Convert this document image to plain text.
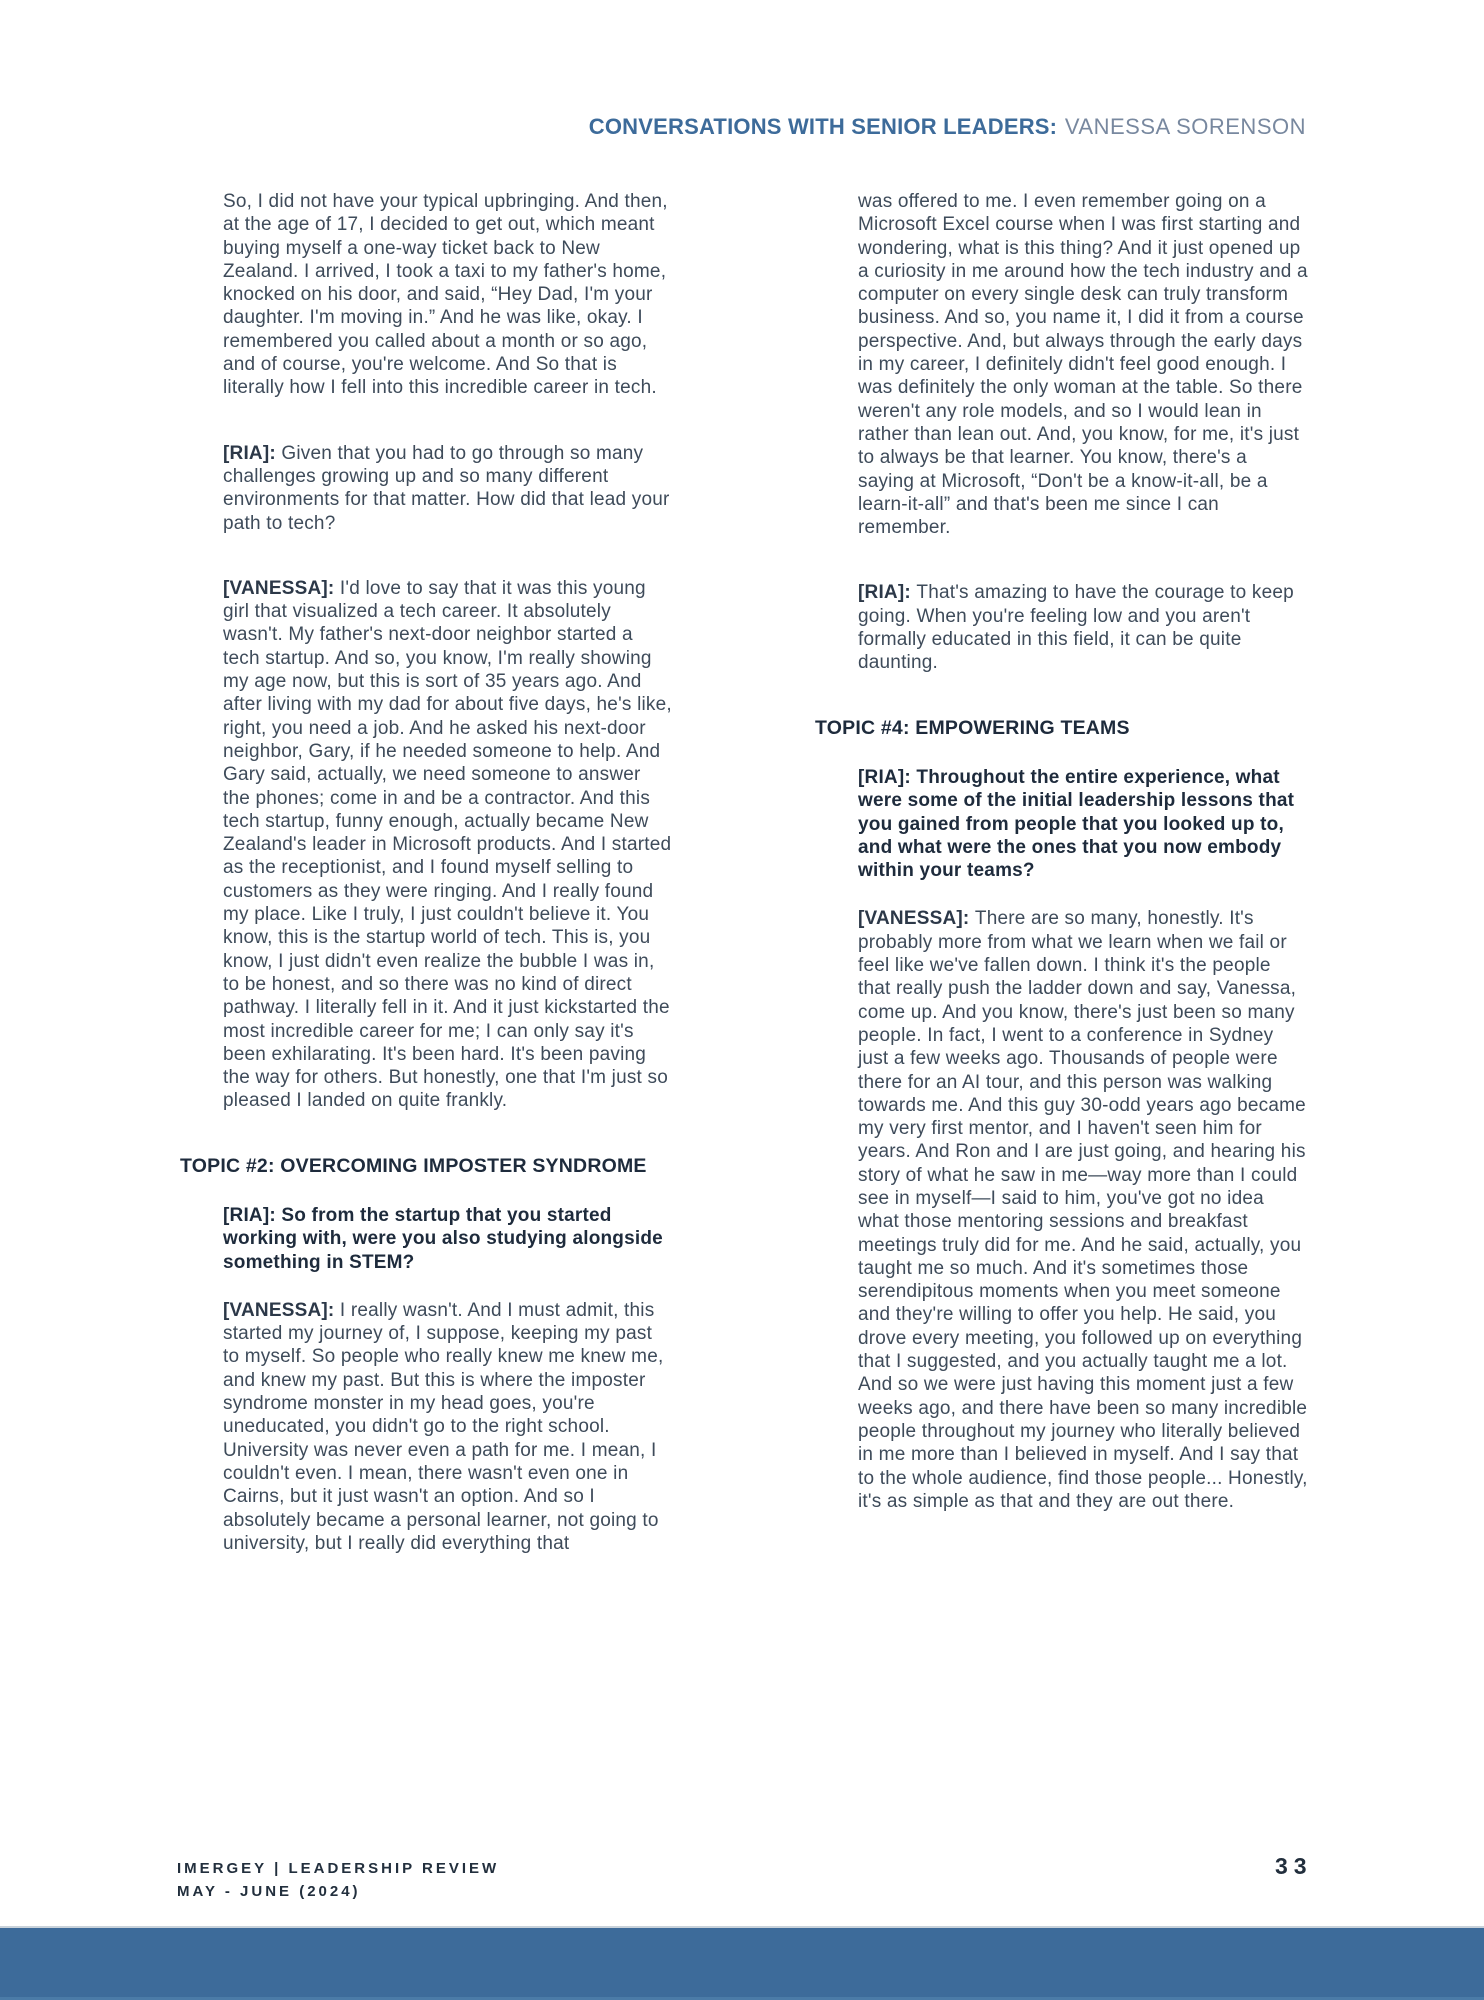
CONVERSATIONS WITH SENIOR LEADERS: VANESSA SORENSON

So, I did not have your typical upbringing. And then, at the age of 17, I decided to get out, which meant buying myself a one-way ticket back to New Zealand. I arrived, I took a taxi to my father's home, knocked on his door, and said, “Hey Dad, I'm your daughter. I'm moving in.” And he was like, okay. I remembered you called about a month or so ago, and of course, you're welcome. And So that is literally how I fell into this incredible career in tech.

[RIA]: Given that you had to go through so many challenges growing up and so many different environments for that matter. How did that lead your path to tech?

[VANESSA]: I'd love to say that it was this young girl that visualized a tech career. It absolutely wasn't. My father's next-door neighbor started a tech startup. And so, you know, I'm really showing my age now, but this is sort of 35 years ago. And after living with my dad for about five days, he's like, right, you need a job. And he asked his next-door neighbor, Gary, if he needed someone to help. And Gary said, actually, we need someone to answer the phones; come in and be a contractor. And this tech startup, funny enough, actually became New Zealand's leader in Microsoft products. And I started as the receptionist, and I found myself selling to customers as they were ringing. And I really found my place. Like I truly, I just couldn't believe it. You know, this is the startup world of tech. This is, you know, I just didn't even realize the bubble I was in, to be honest, and so there was no kind of direct pathway. I literally fell in it. And it just kickstarted the most incredible career for me; I can only say it's been exhilarating. It's been hard. It's been paving the way for others. But honestly, one that I'm just so pleased I landed on quite frankly.

TOPIC #2: OVERCOMING IMPOSTER SYNDROME

[RIA]: So from the startup that you started working with, were you also studying alongside something in STEM?

[VANESSA]: I really wasn't. And I must admit, this started my journey of, I suppose, keeping my past to myself. So people who really knew me knew me, and knew my past. But this is where the imposter syndrome monster in my head goes, you're uneducated, you didn't go to the right school. University was never even a path for me. I mean, I couldn't even. I mean, there wasn't even one in Cairns, but it just wasn't an option. And so I absolutely became a personal learner, not going to university, but I really did everything that

was offered to me. I even remember going on a Microsoft Excel course when I was first starting and wondering, what is this thing? And it just opened up a curiosity in me around how the tech industry and a computer on every single desk can truly transform business. And so, you name it, I did it from a course perspective. And, but always through the early days in my career, I definitely didn't feel good enough. I was definitely the only woman at the table. So there weren't any role models, and so I would lean in rather than lean out. And, you know, for me, it's just to always be that learner. You know, there's a saying at Microsoft, “Don't be a know-it-all, be a learn-it-all” and that's been me since I can remember.

[RIA]: That's amazing to have the courage to keep going. When you're feeling low and you aren't formally educated in this field, it can be quite daunting.

TOPIC #4: EMPOWERING TEAMS

[RIA]: Throughout the entire experience, what were some of the initial leadership lessons that you gained from people that you looked up to, and what were the ones that you now embody within your teams?

[VANESSA]: There are so many, honestly. It's probably more from what we learn when we fail or feel like we've fallen down. I think it's the people that really push the ladder down and say, Vanessa, come up. And you know, there's just been so many people. In fact, I went to a conference in Sydney just a few weeks ago. Thousands of people were there for an AI tour, and this person was walking towards me. And this guy 30-odd years ago became my very first mentor, and I haven't seen him for years. And Ron and I are just going, and hearing his story of what he saw in me—way more than I could see in myself—I said to him, you've got no idea what those mentoring sessions and breakfast meetings truly did for me. And he said, actually, you taught me so much. And it's sometimes those serendipitous moments when you meet someone and they're willing to offer you help. He said, you drove every meeting, you followed up on everything that I suggested, and you actually taught me a lot. And so we were just having this moment just a few weeks ago, and there have been so many incredible people throughout my journey who literally believed in me more than I believed in myself. And I say that to the whole audience, find those people... Honestly, it's as simple as that and they are out there.

IMERGEY | LEADERSHIP REVIEW
MAY - JUNE (2024)
33
